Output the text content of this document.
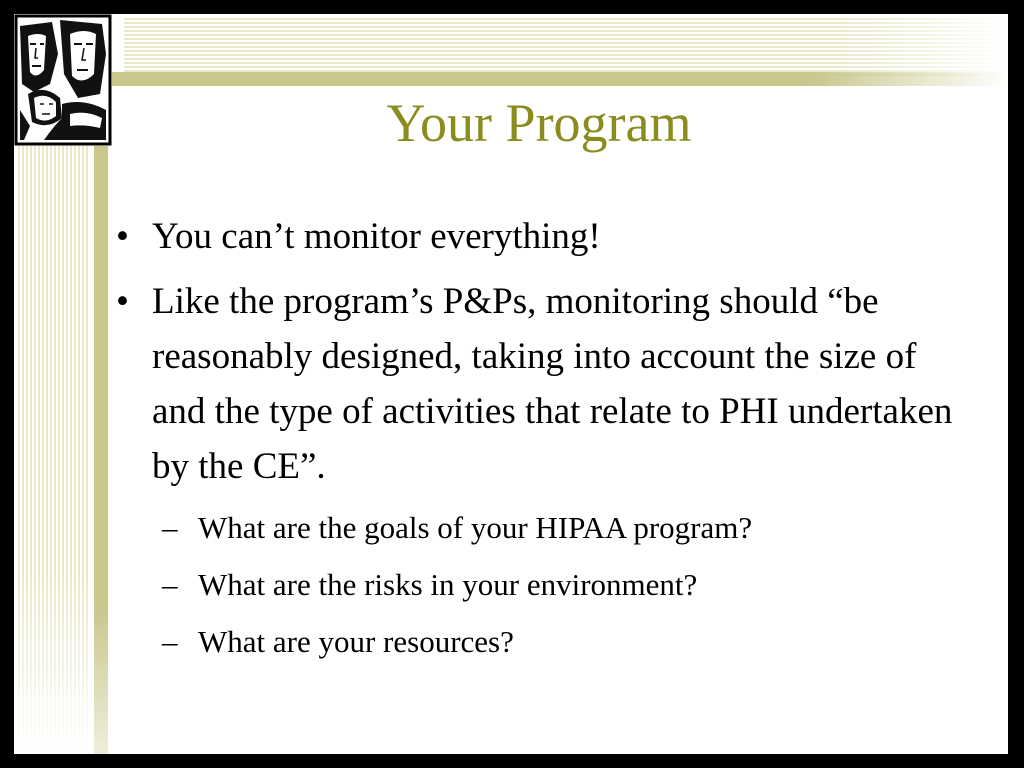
Your Program
• You can’t monitor everything!
• Like the program’s P&Ps, monitoring should “be reasonably designed, taking into account the size of and the type of activities that relate to PHI undertaken by the CE”.
– What are the goals of your HIPAA program?
– What are the risks in your environment?
– What are your resources?
